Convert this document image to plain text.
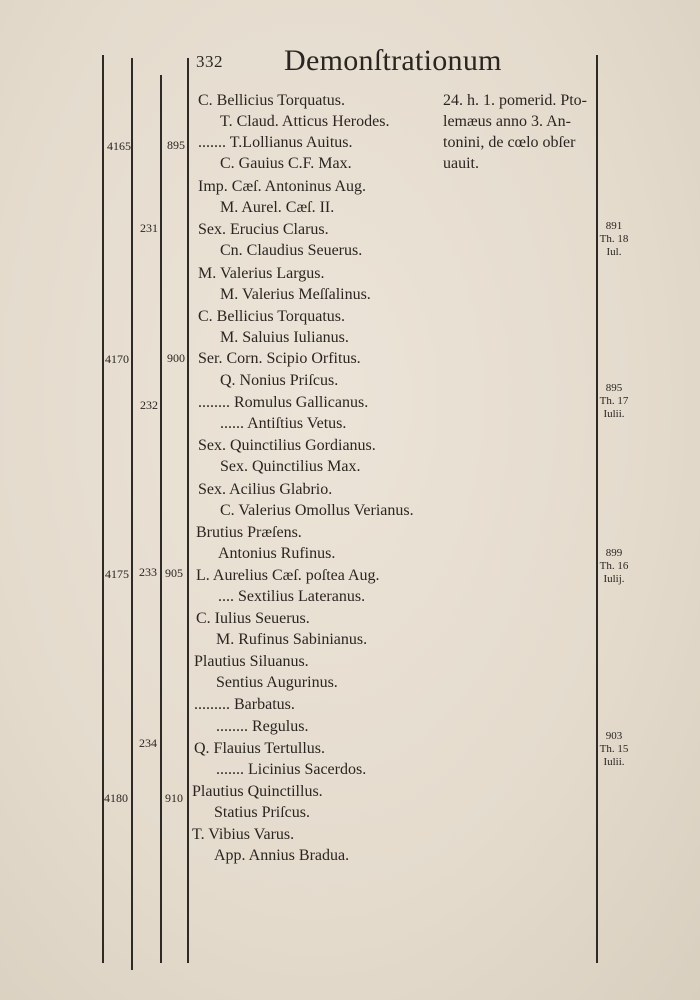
332 Demonſtrationum
4165
4170
4175
4180
231
232
233
234
895
900
905
910
C. Bellicius Torquatus.
T. Claud. Atticus Herodes.
....... T.Lollianus Auitus.
C. Gauius C.F. Max.
Imp. Cæſ. Antoninus Aug.
M. Aurel. Cæſ. II.
Sex. Erucius Clarus.
Cn. Claudius Seuerus.
M. Valerius Largus.
M. Valerius Meſſalinus.
C. Bellicius Torquatus.
M. Saluius Iulianus.
Ser. Corn. Scipio Orfitus.
Q. Nonius Priſcus.
........ Romulus Gallicanus.
...... Antiſtius Vetus.
Sex. Quinctilius Gordianus.
Sex. Quinctilius Max.
Sex. Acilius Glabrio.
C. Valerius Omollus Verianus.
Brutius Præſens.
Antonius Rufinus.
L. Aurelius Cæſ. poſtea Aug.
.... Sextilius Lateranus.
C. Iulius Seuerus.
M. Rufinus Sabinianus.
Plautius Siluanus.
Sentius Augurinus.
......... Barbatus.
........ Regulus.
Q. Flauius Tertullus.
....... Licinius Sacerdos.
Plautius Quinctillus.
Statius Priſcus.
T. Vibius Varus.
App. Annius Bradua.
24. h. 1. pomerid. Pto-
lemæus anno 3. An-
tonini, de cœlo obſer
uauit.
891
Th. 18
Iul.
895
Th. 17
Iulii.
899
Th. 16
Iulij.
903
Th. 15
Iulii.
